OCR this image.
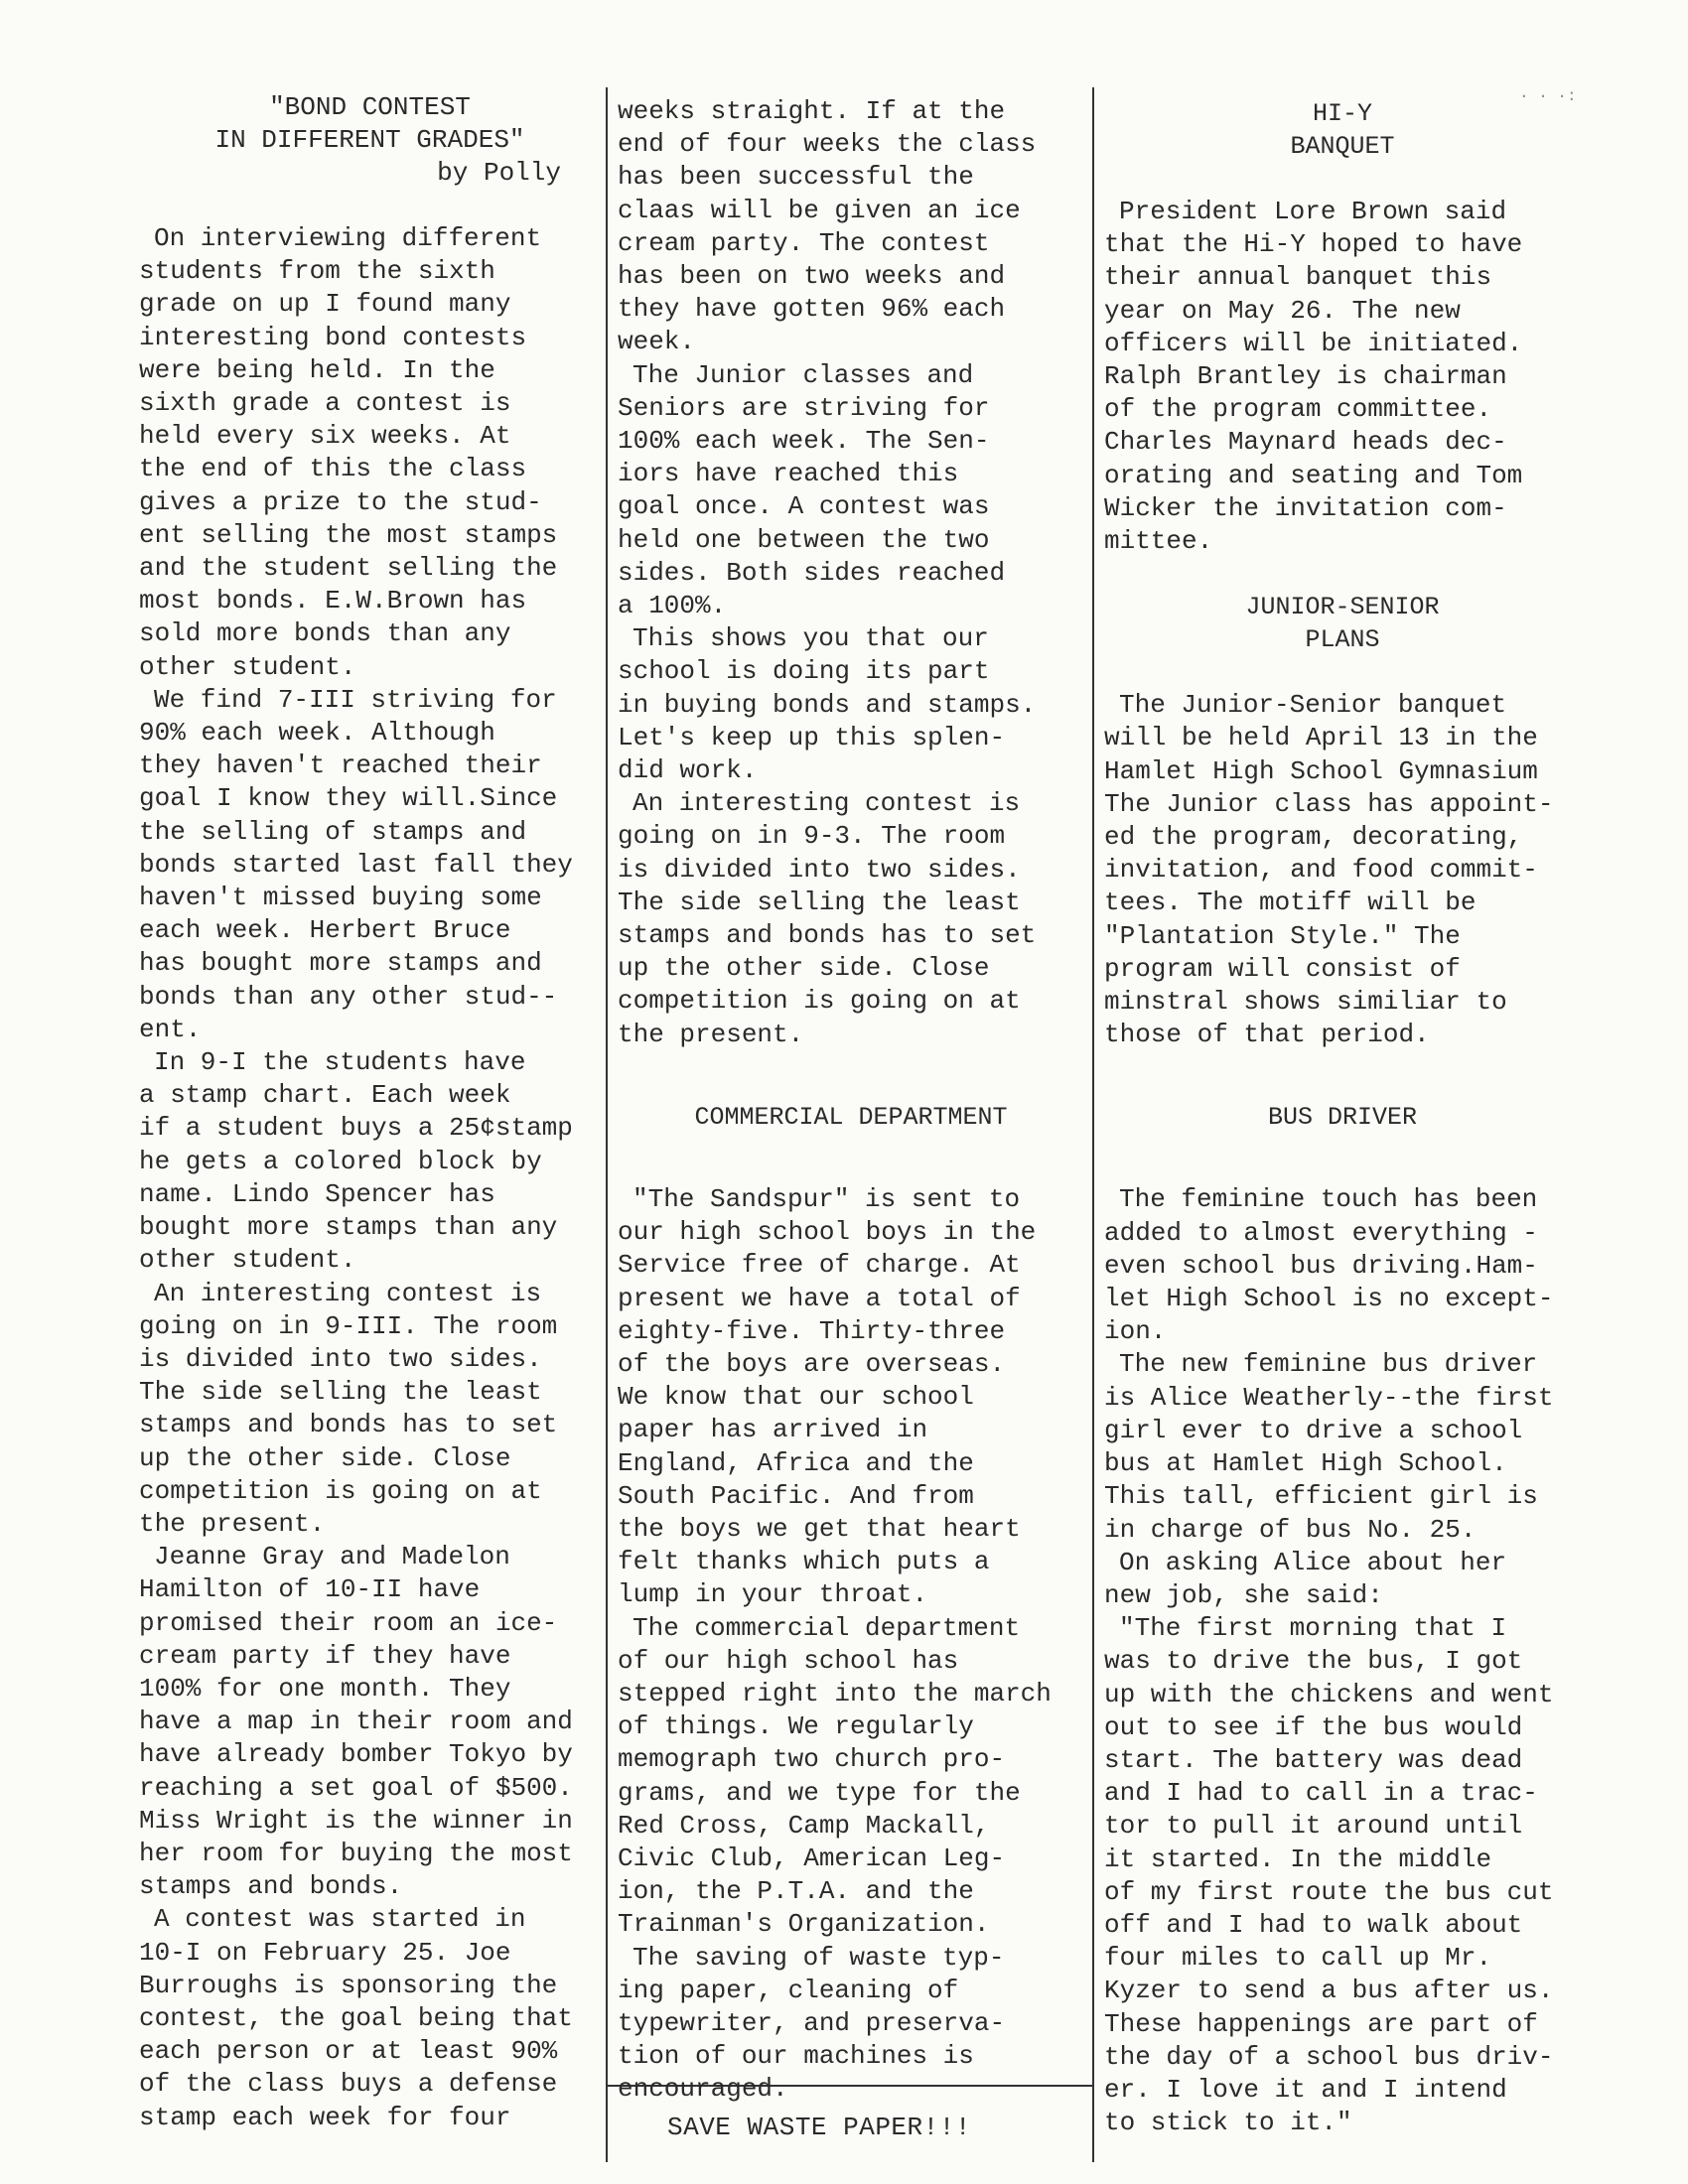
· · ·:

"BOND CONTEST

IN DIFFERENT GRADES"

by Polly

On interviewing different
students from the sixth
grade on up I found many
interesting bond contests
were being held. In the
sixth grade a contest is
held every six weeks. At
the end of this the class
gives a prize to the stud-
ent selling the most stamps
and the student selling the
most bonds. E.W.Brown has
sold more bonds than any
other student.

We find 7-III striving for
90% each week. Although
they haven't reached their
goal I know they will.Since
the selling of stamps and
bonds started last fall they
haven't missed buying some
each week. Herbert Bruce
has bought more stamps and
bonds than any other stud--
ent.

In 9-I the students have
a stamp chart. Each week
if a student buys a 25¢stamp
he gets a colored block by
name. Lindo Spencer has
bought more stamps than any
other student.

An interesting contest is
going on in 9-III. The room
is divided into two sides.
The side selling the least
stamps and bonds has to set
up the other side. Close
competition is going on at
the present.

Jeanne Gray and Madelon
Hamilton of 10-II have
promised their room an ice-
cream party if they have
100% for one month. They
have a map in their room and
have already bomber Tokyo by
reaching a set goal of $500.
Miss Wright is the winner in
her room for buying the most
stamps and bonds.

A contest was started in
10-I on February 25. Joe
Burroughs is sponsoring the
contest, the goal being that
each person or at least 90%
of the class buys a defense
stamp each week for four

weeks straight. If at the
end of four weeks the class
has been successful the
claas will be given an ice
cream party. The contest
has been on two weeks and
they have gotten 96% each
week.

The Junior classes and
Seniors are striving for
100% each week. The Sen-
iors have reached this
goal once. A contest was
held one between the two
sides. Both sides reached
a 100%.

This shows you that our
school is doing its part
in buying bonds and stamps.
Let's keep up this splen-
did work.

An interesting contest is
going on in 9-3. The room
is divided into two sides.
The side selling the least
stamps and bonds has to set
up the other side. Close
competition is going on at
the present.

COMMERCIAL DEPARTMENT

"The Sandspur" is sent to
our high school boys in the
Service free of charge. At
present we have a total of
eighty-five. Thirty-three
of the boys are overseas.
We know that our school
paper has arrived in
England, Africa and the
South Pacific. And from
the boys we get that heart
felt thanks which puts a
lump in your throat.

The commercial department
of our high school has
stepped right into the march
of things. We regularly
memograph two church pro-
grams, and we type for the
Red Cross, Camp Mackall,
Civic Club, American Leg-
ion, the P.T.A. and the
Trainman's Organization.

The saving of waste typ-
ing paper, cleaning of
typewriter, and preserva-
tion of our machines is
encouraged.

SAVE WASTE PAPER!!!

HI-Y

BANQUET

President Lore Brown said
that the Hi-Y hoped to have
their annual banquet this
year on May 26. The new
officers will be initiated.
Ralph Brantley is chairman
of the program committee.
Charles Maynard heads dec-
orating and seating and Tom
Wicker the invitation com-
mittee.

JUNIOR-SENIOR

PLANS

The Junior-Senior banquet
will be held April 13 in the
Hamlet High School Gymnasium
The Junior class has appoint-
ed the program, decorating,
invitation, and food commit-
tees. The motiff will be
"Plantation Style." The
program will consist of
minstral shows similiar to
those of that period.

BUS DRIVER

The feminine touch has been
added to almost everything -
even school bus driving.Ham-
let High School is no except-
ion.

The new feminine bus driver
is Alice Weatherly--the first
girl ever to drive a school
bus at Hamlet High School.
This tall, efficient girl is
in charge of bus No. 25.

On asking Alice about her
new job, she said:

"The first morning that I
was to drive the bus, I got
up with the chickens and went
out to see if the bus would
start. The battery was dead
and I had to call in a trac-
tor to pull it around until
it started. In the middle
of my first route the bus cut
off and I had to walk about
four miles to call up Mr.
Kyzer to send a bus after us.
These happenings are part of
the day of a school bus driv-
er. I love it and I intend
to stick to it."
